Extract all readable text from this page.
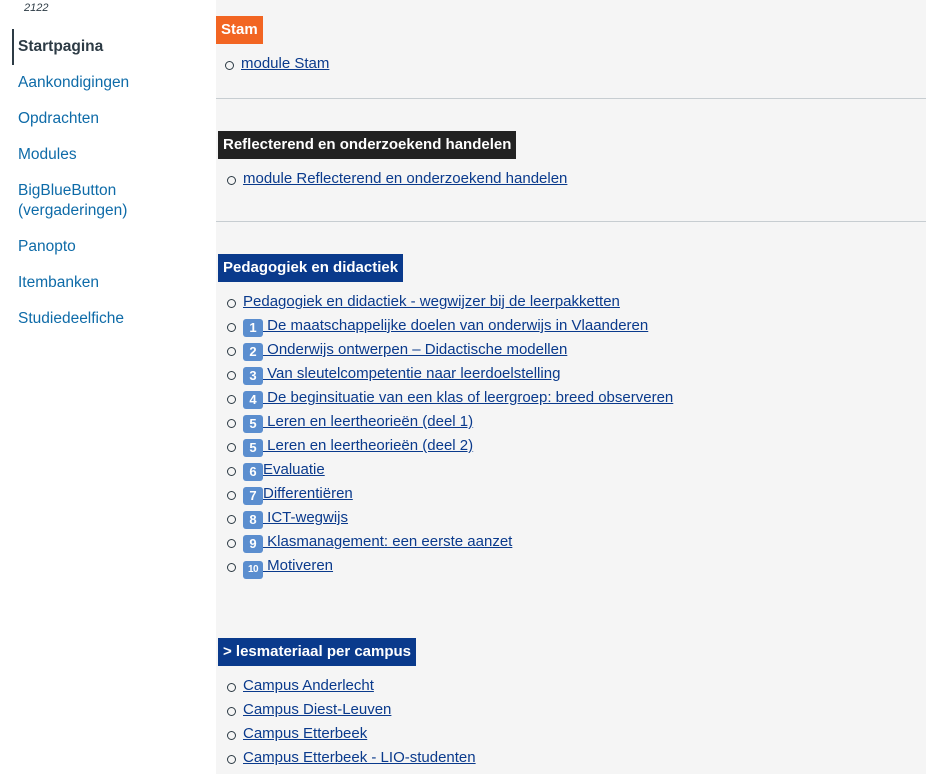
2122
Startpagina
Aankondigingen
Opdrachten
Modules
BigBlueButton (vergaderingen)
Panopto
Itembanken
Studiedeelfiche
Stam
module Stam
Reflecterend en onderzoekend handelen
module Reflecterend en onderzoekend handelen
Pedagogiek en didactiek
Pedagogiek en didactiek - wegwijzer bij de leerpakketten
1 De maatschappelijke doelen van onderwijs in Vlaanderen
2 Onderwijs ontwerpen – Didactische modellen
3 Van sleutelcompetentie naar leerdoelstelling
4 De beginsituatie van een klas of leergroep: breed observeren
5 Leren en leertheorieën (deel 1)
5 Leren en leertheorieën (deel 2)
6 Evaluatie
7 Differentiëren
8 ICT-wegwijs
9 Klasmanagement: een eerste aanzet
10 Motiveren
> lesmateriaal per campus
Campus Anderlecht
Campus Diest-Leuven
Campus Etterbeek
Campus Etterbeek - LIO-studenten
